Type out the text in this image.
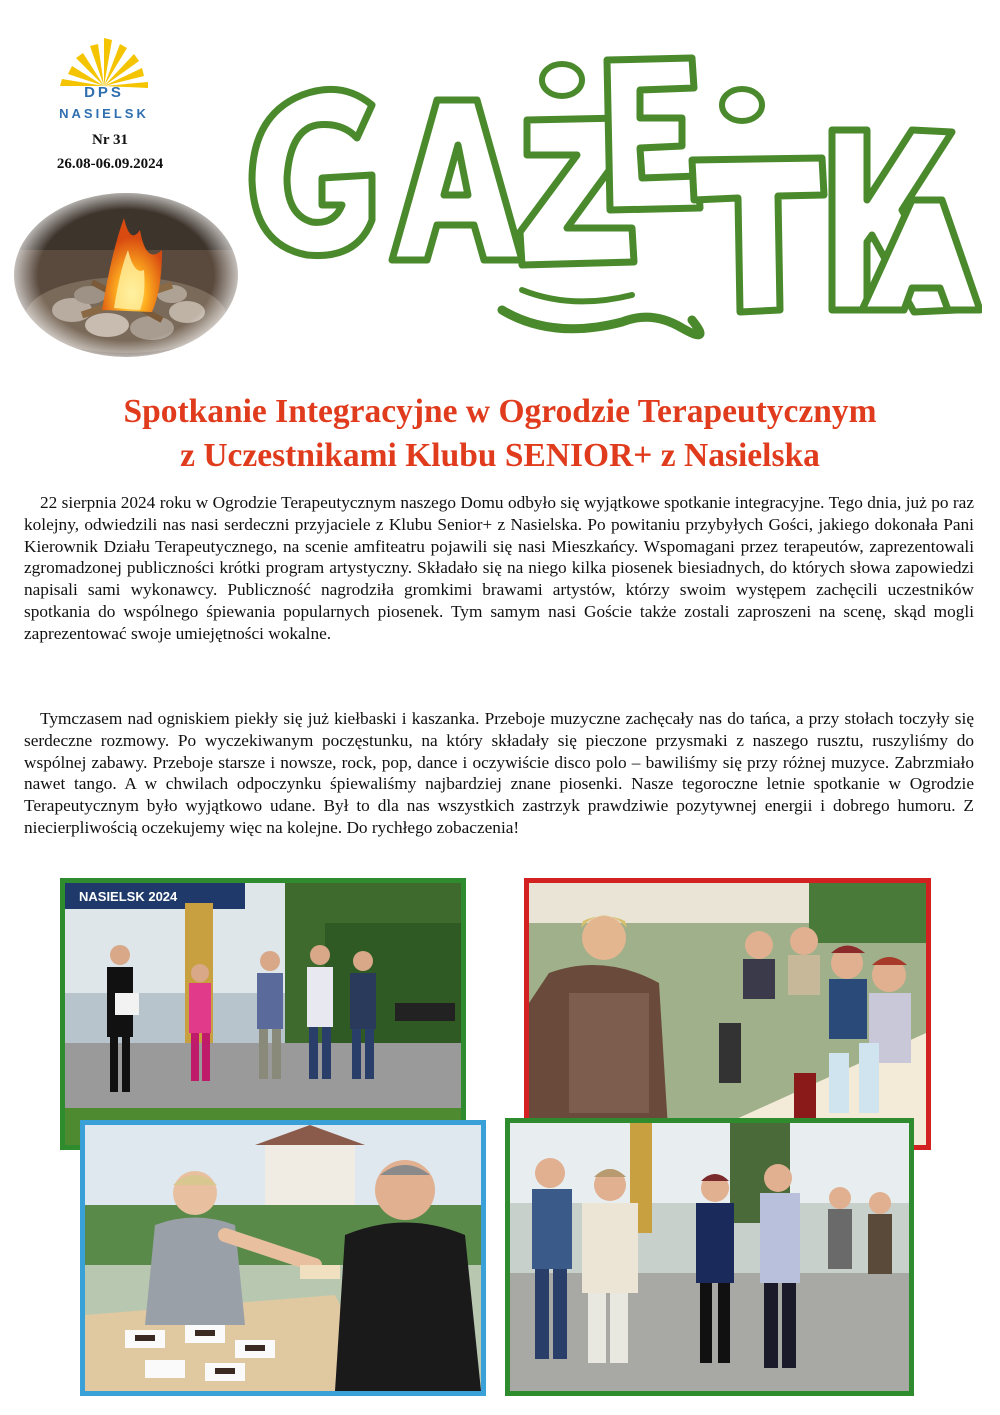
DPS
NASIELSK
Nr 31
26.08-06.09.2024
Spotkanie Integracyjne w Ogrodzie Terapeutycznym
z Uczestnikami Klubu SENIOR+ z Nasielska

22 sierpnia 2024 roku w Ogrodzie Terapeutycznym naszego Domu odbyło się wyjątkowe spotkanie integracyjne. Tego dnia, już po raz kolejny, odwiedzili nas nasi serdeczni przyjaciele z Klubu Senior+ z Nasielska. Po powitaniu przybyłych Gości, jakiego dokonała Pani Kierownik Działu Terapeutycznego, na scenie amfiteatru pojawili się nasi Mieszkańcy. Wspomagani przez terapeutów, zaprezentowali zgromadzonej publiczności krótki program artystyczny. Składało się na niego kilka piosenek biesiadnych, do których słowa zapowiedzi napisali sami wykonawcy. Publiczność nagrodziła gromkimi brawami artystów, którzy swoim występem zachęcili uczestników spotkania do wspólnego śpiewania popularnych piosenek. Tym samym nasi Goście także zostali zaproszeni na scenę, skąd mogli zaprezentować swoje umiejętności wokalne.

Tymczasem nad ogniskiem piekły się już kiełbaski i kaszanka. Przeboje muzyczne zachęcały nas do tańca, a przy stołach toczyły się serdeczne rozmowy. Po wyczekiwanym poczęstunku, na który składały się pieczone przysmaki z naszego rusztu, ruszyliśmy do wspólnej zabawy. Przeboje starsze i nowsze, rock, pop, dance i oczywiście disco polo – bawiliśmy się przy różnej muzyce. Zabrzmiało nawet tango. A w chwilach odpoczynku śpiewaliśmy najbardziej znane piosenki. Nasze tegoroczne letnie spotkanie w Ogrodzie Terapeutycznym było wyjątkowo udane. Był to dla nas wszystkich zastrzyk prawdziwie pozytywnej energii i dobrego humoru. Z niecierpliwością oczekujemy więc na kolejne. Do rychłego zobaczenia!

NASIELSK 2024
